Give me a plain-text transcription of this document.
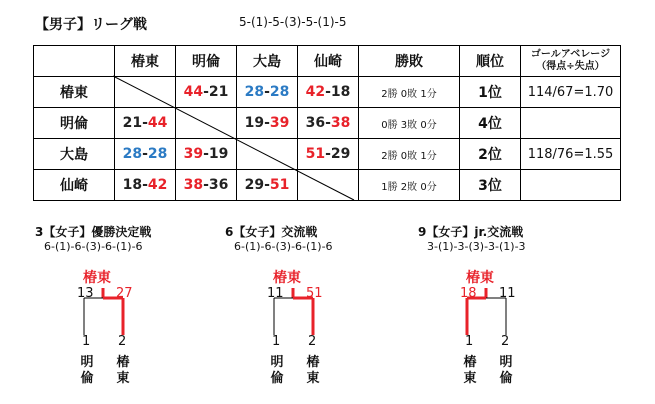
【男子】リーグ戦	5-(1)-5-(3)-5-(1)-5
	椿東	明倫	大島	仙崎	勝敗	順位	ゴールアベレージ
（得点÷失点）

椿東		44-21	28-28	42-18	2勝 0敗 1分	1位	114/67=1.70
明倫	21-44		19-39	36-38	0勝 3敗 0分	4位	
大島	28-28	39-19		51-29	2勝 0敗 1分	2位	118/76=1.55
仙崎	18-42	38-36	29-51		1勝 2敗 0分	3位	
3【女子】優勝決定戦
6-(1)-6-(3)-6-(1)-6
椿東
13 27
1 2
明
倫
椿
東
6【女子】交流戦
6-(1)-6-(3)-6-(1)-6
椿東
11 51
1 2
明
倫
椿
東
9【女子】jr.交流戦
3-(1)-3-(3)-3-(1)-3
椿東
18 11
1 2
椿
東
明
倫
